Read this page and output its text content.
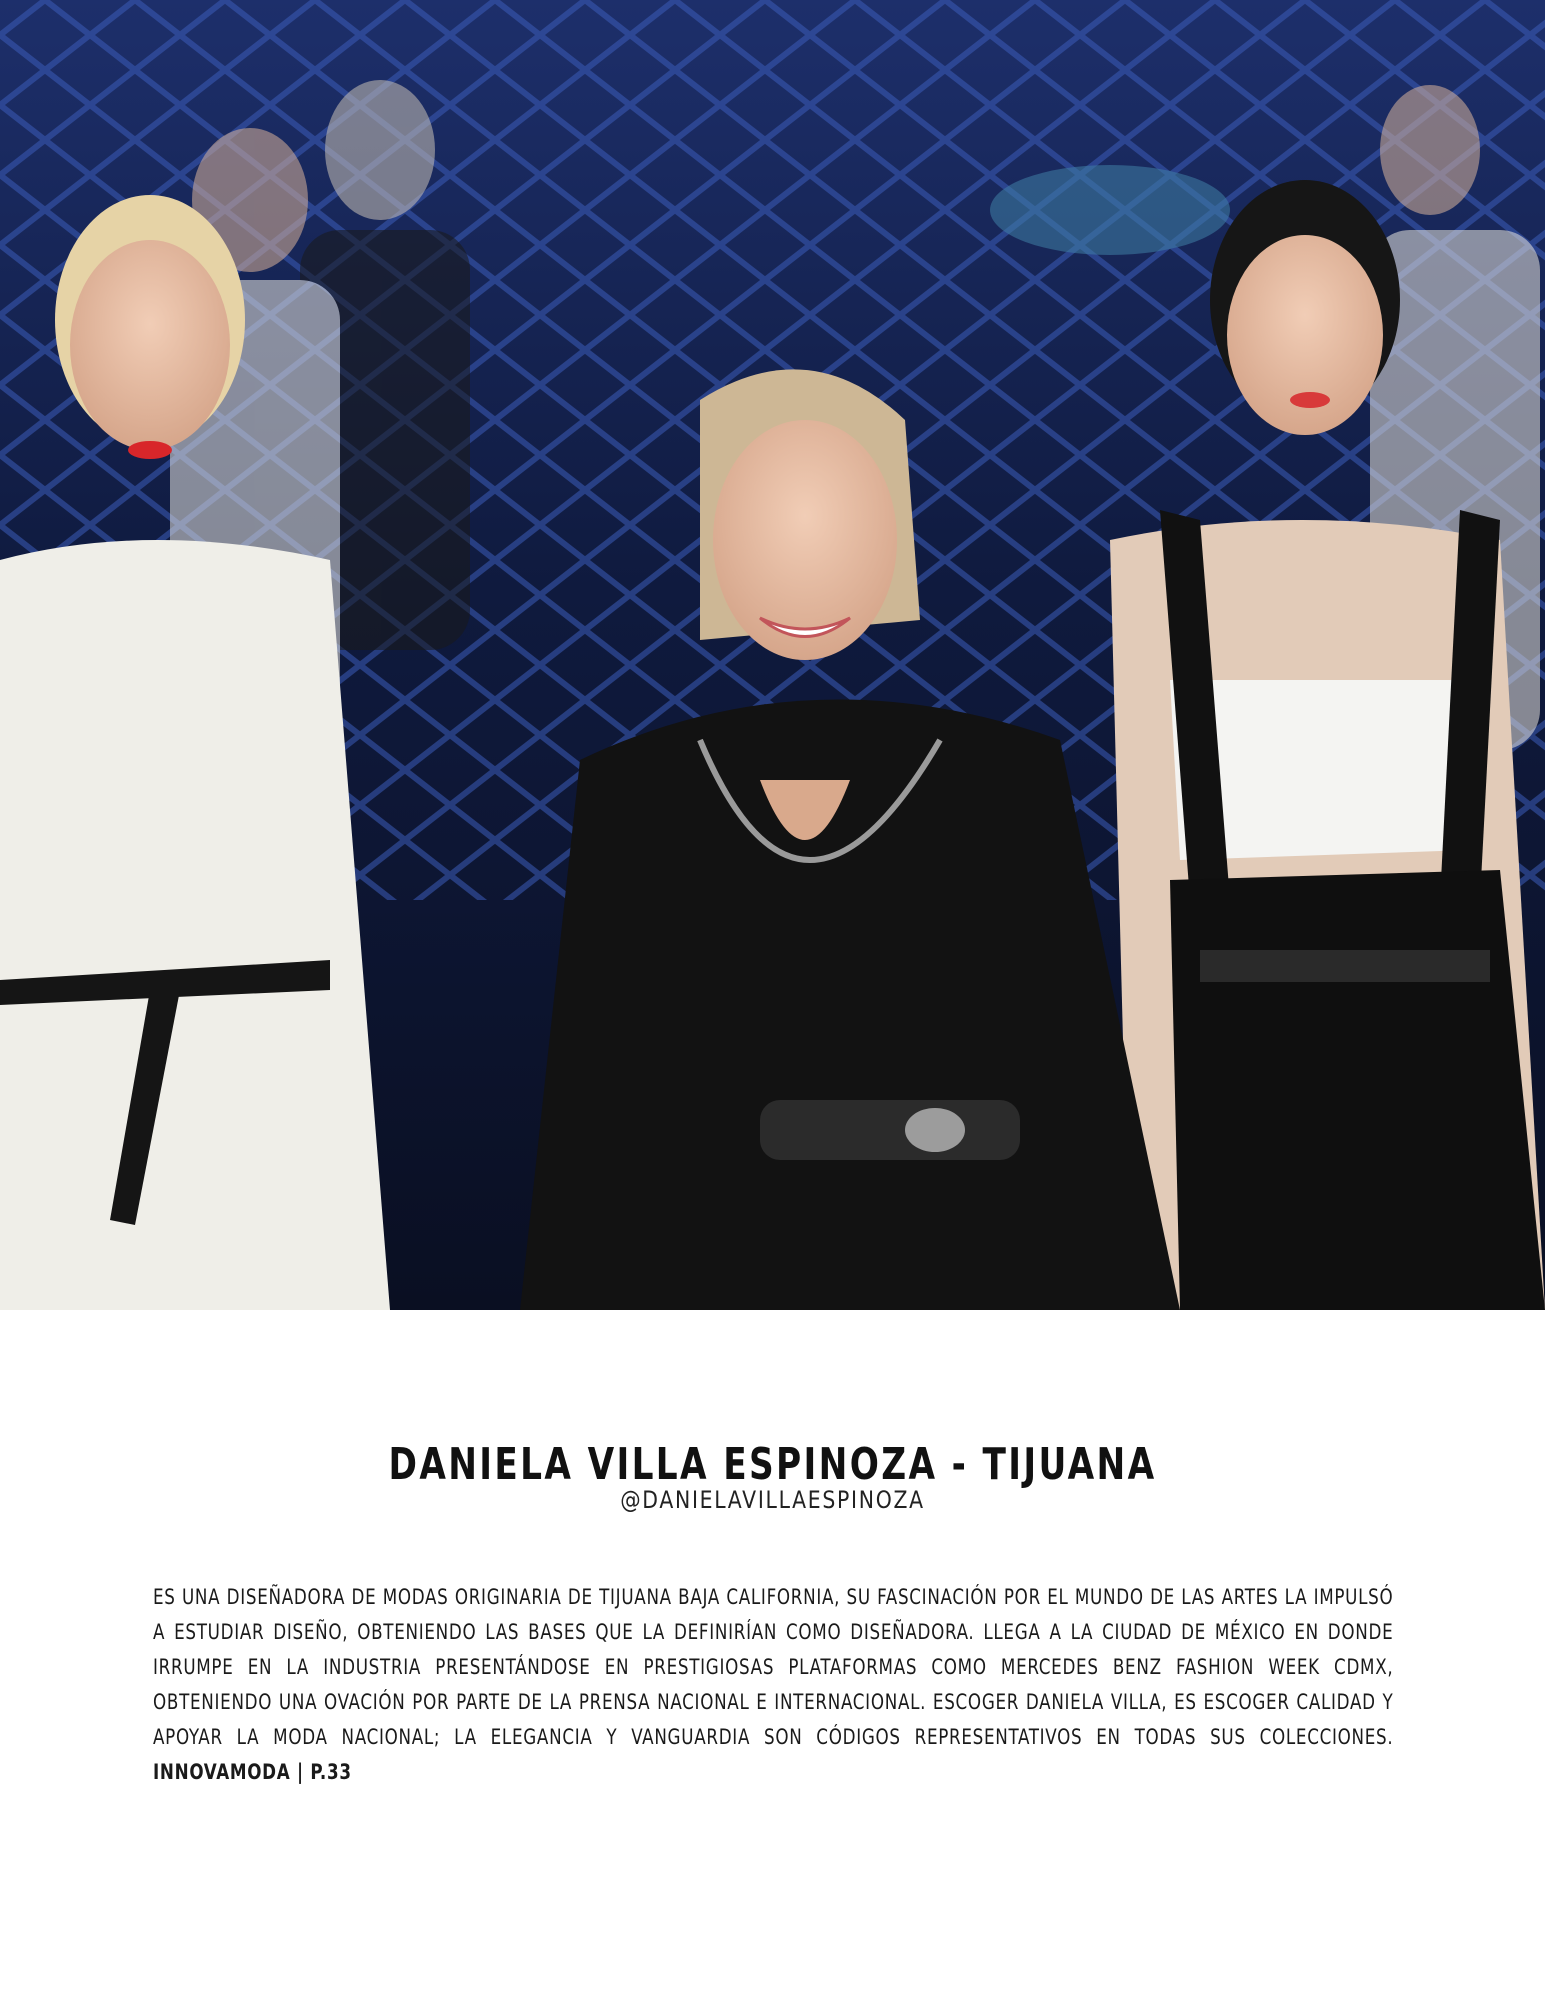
DANIELA VILLA ESPINOZA - TIJUANA
@DANIELAVILLAESPINOZA

ES UNA DISEÑADORA DE MODAS ORIGINARIA DE TIJUANA BAJA CALIFORNIA, SU FASCINACIÓN POR EL MUNDO DE LAS ARTES LA IMPULSÓ A ESTUDIAR DISEÑO, OBTENIENDO LAS BASES QUE LA DEFINIRÍAN COMO DISEÑADORA. LLEGA A LA CIUDAD DE MÉXICO EN DONDE IRRUMPE EN LA INDUSTRIA PRESENTÁNDOSE EN PRESTIGIOSAS PLATAFORMAS COMO MERCEDES BENZ FASHION WEEK CDMX, OBTENIENDO UNA OVACIÓN POR PARTE DE LA PRENSA NACIONAL E INTERNACIONAL. ESCOGER DANIELA VILLA, ES ESCOGER CALIDAD Y APOYAR LA MODA NACIONAL; LA ELEGANCIA Y VANGUARDIA SON CÓDIGOS REPRESENTATIVOS EN TODAS SUS COLECCIONES. INNOVAMODA | P.33
